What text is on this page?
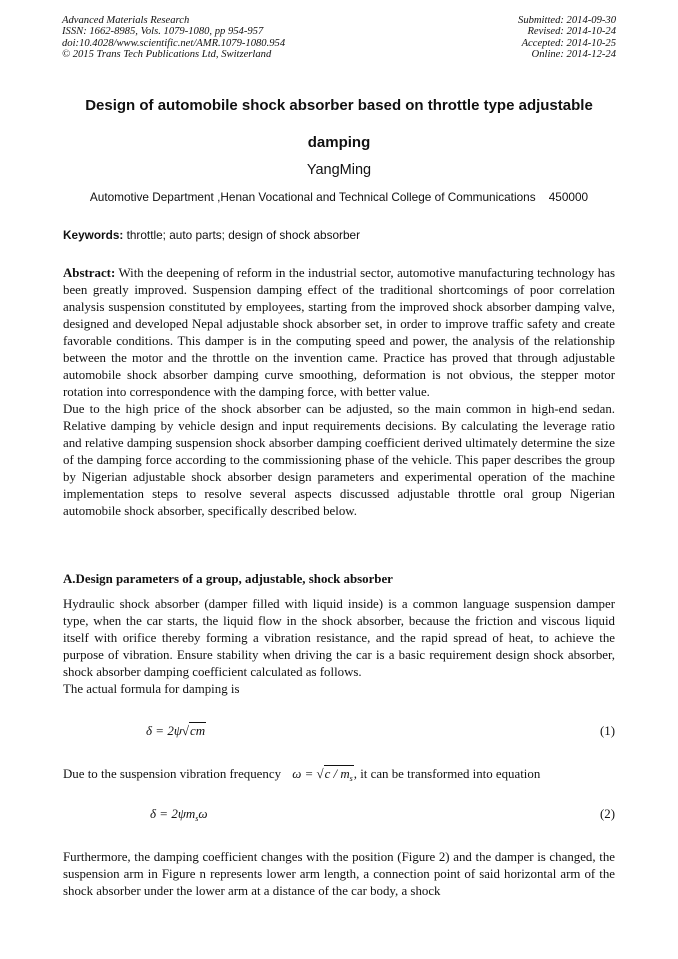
Advanced Materials Research
ISSN: 1662-8985, Vols. 1079-1080, pp 954-957
doi:10.4028/www.scientific.net/AMR.1079-1080.954
© 2015 Trans Tech Publications Ltd, Switzerland
Submitted: 2014-09-30
Revised: 2014-10-24
Accepted: 2014-10-25
Online: 2014-12-24
Design of automobile shock absorber based on throttle type adjustable
damping
YangMing
Automotive Department ,Henan Vocational and Technical College of Communications    450000
Keywords: throttle; auto parts; design of shock absorber

Abstract: With the deepening of reform in the industrial sector, automotive manufacturing technology has been greatly improved. Suspension damping effect of the traditional shortcomings of poor correlation analysis suspension constituted by employees, starting from the improved shock absorber damping valve, designed and developed Nepal adjustable shock absorber set, in order to improve traffic safety and create favorable conditions. This damper is in the computing speed and power, the analysis of the relationship between the motor and the throttle on the invention came. Practice has proved that through adjustable automobile shock absorber damping curve smoothing, deformation is not obvious, the stepper motor rotation into correspondence with the damping force, with better value.

Due to the high price of the shock absorber can be adjusted, so the main common in high-end sedan. Relative damping by vehicle design and input requirements decisions. By calculating the leverage ratio and relative damping suspension shock absorber damping coefficient derived ultimately determine the size of the damping force according to the commissioning phase of the vehicle. This paper describes the group by Nigerian adjustable shock absorber design parameters and experimental operation of the machine implementation steps to resolve several aspects discussed adjustable throttle oral group Nigerian automobile shock absorber, specifically described below.

A.Design parameters of a group, adjustable, shock absorber

Hydraulic shock absorber (damper filled with liquid inside) is a common language suspension damper type, when the car starts, the liquid flow in the shock absorber, because the friction and viscous liquid itself with orifice thereby forming a vibration resistance, and the rapid spread of heat, to achieve the purpose of vibration. Ensure stability when driving the car is a basic requirement design shock absorber, shock absorber damping coefficient calculated as follows.

The actual formula for damping is

δ = 2ψ√cm	(1)
Due to the suspension vibration frequency $\omega = √c / m_s$, it can be transformed into equation
$\delta = 2\psi m_s\omega$	(2)
Furthermore, the damping coefficient changes with the position (Figure 2) and the damper is changed, the suspension arm in Figure n represents lower arm length, a connection point of said horizontal arm of the shock absorber under the lower arm at a distance of the car body, a shock
